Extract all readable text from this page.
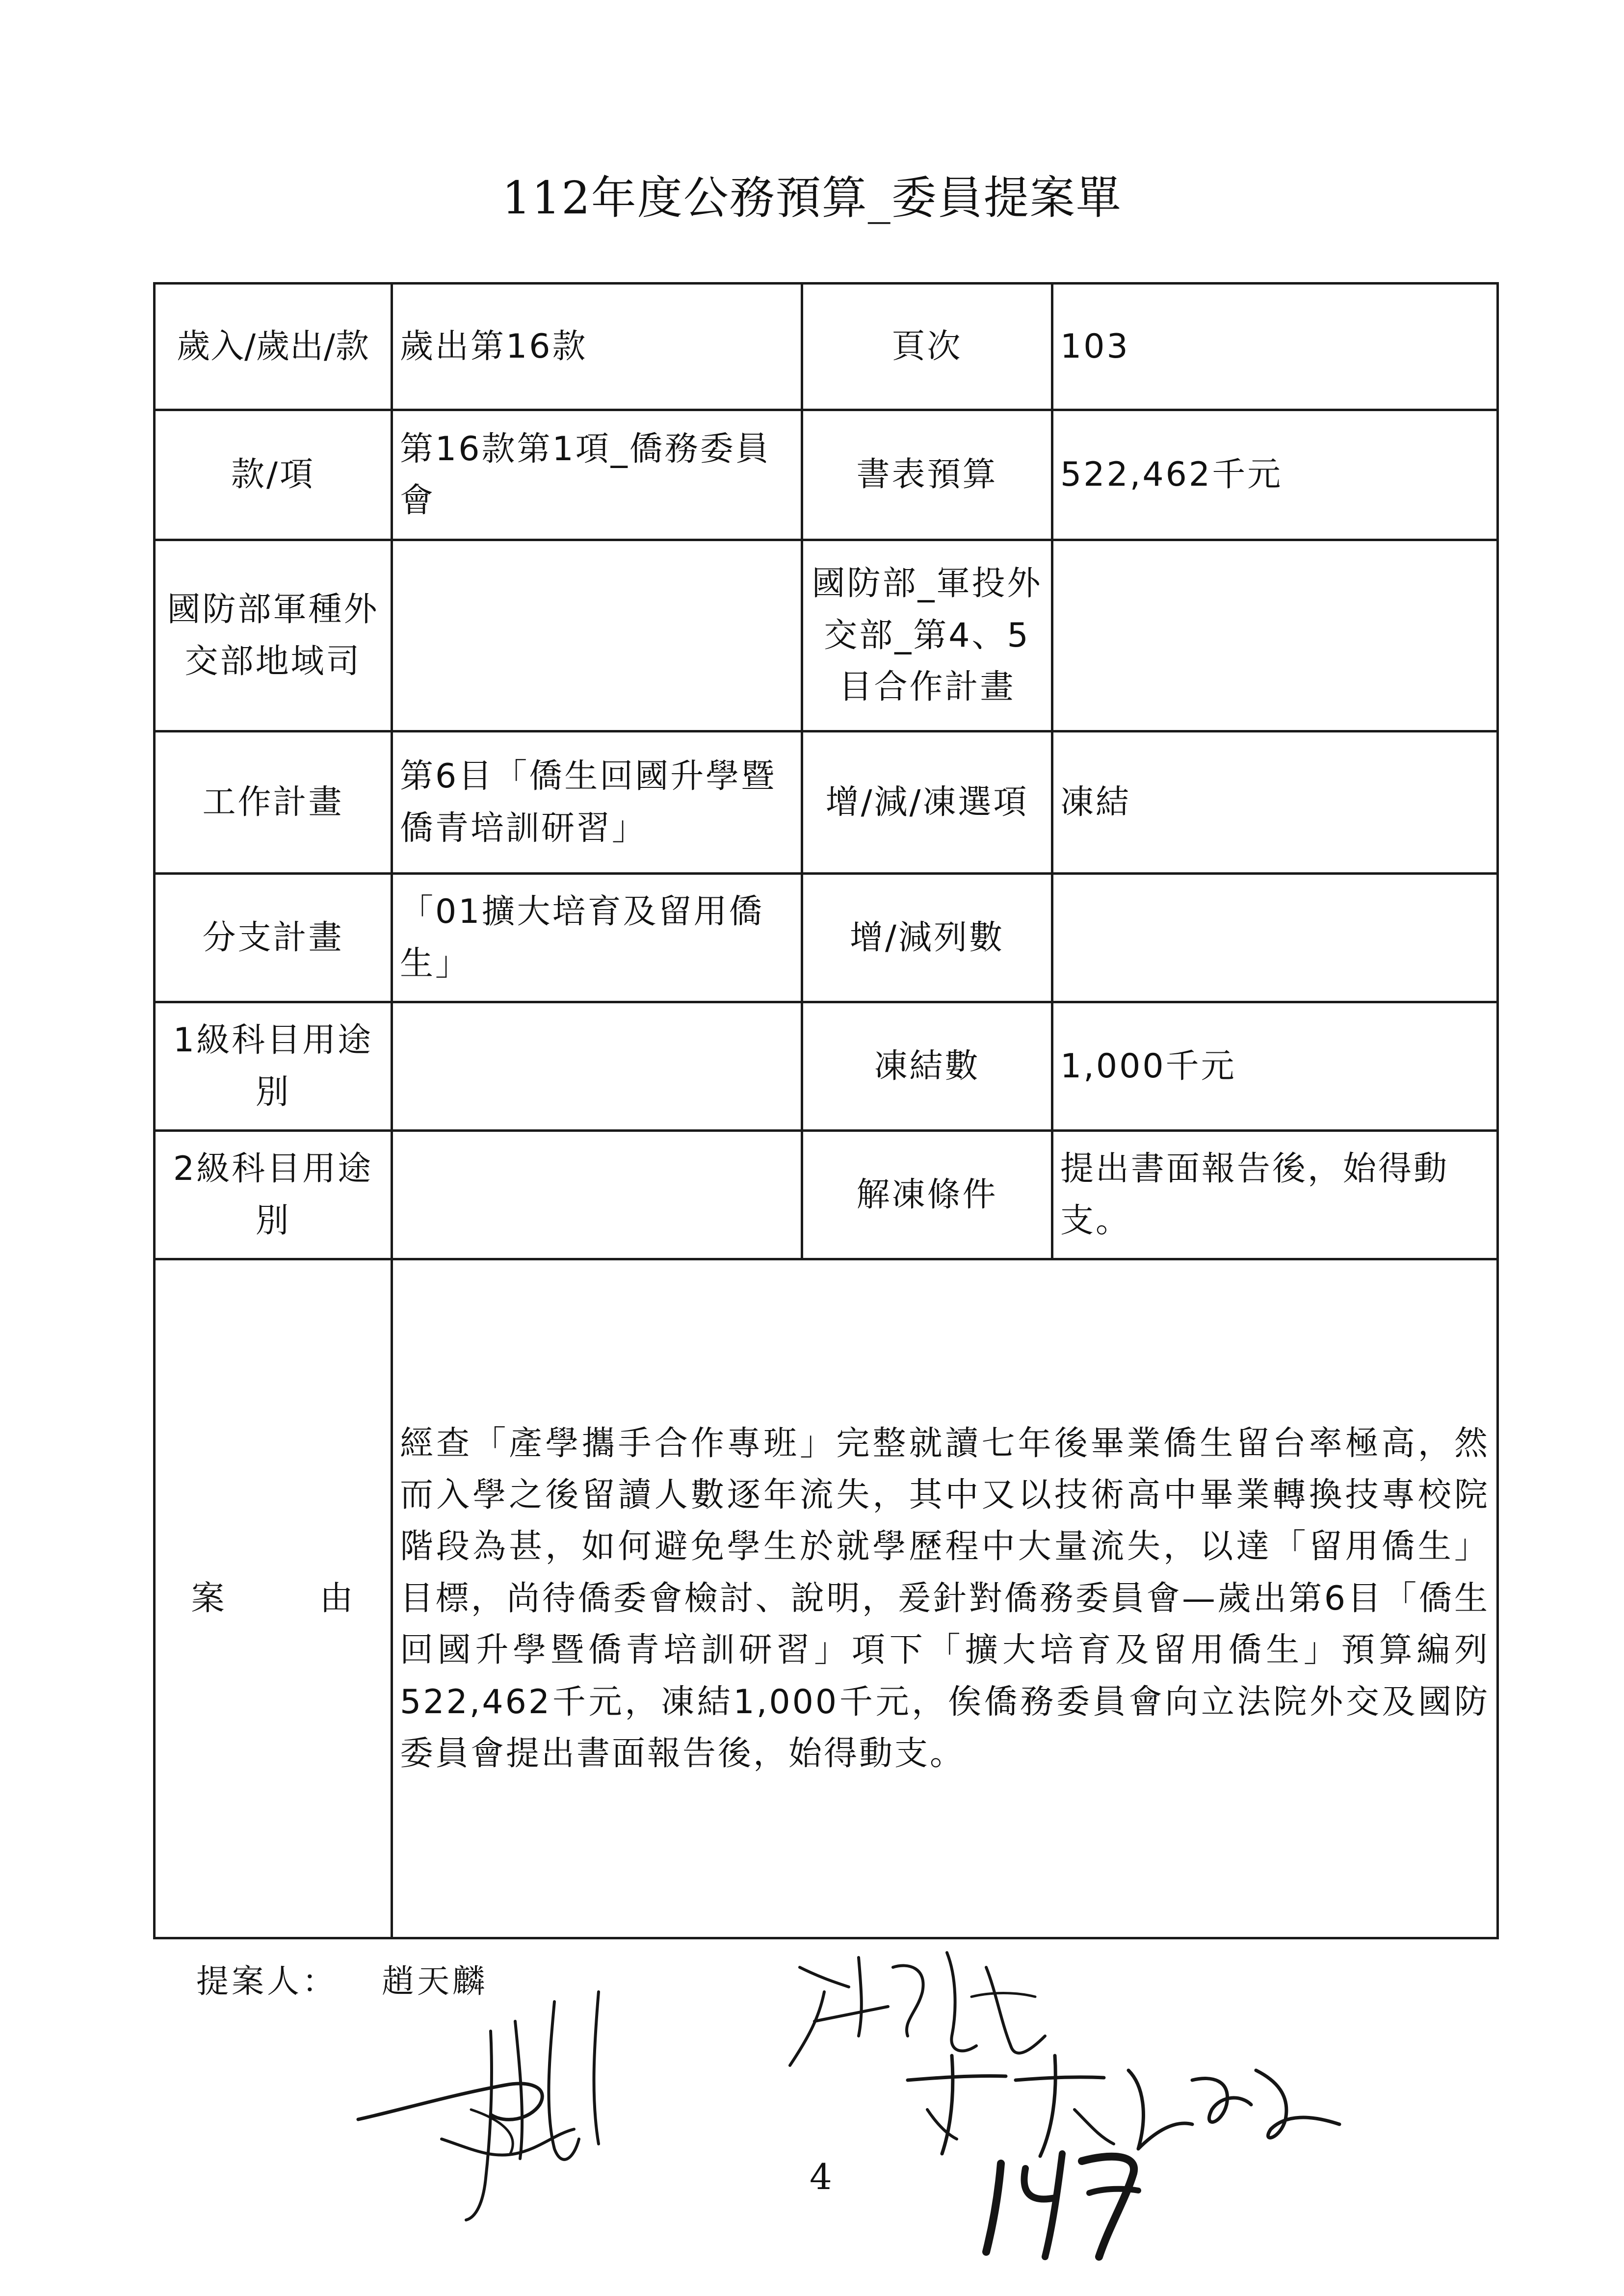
112年度公務預算_委員提案單
歲入/歲出/款	歲出第16款	頁次	103
款/項	第16款第1項_僑務委員會	書表預算	522,462千元
國防部軍種外交部地域司		國防部_軍投外交部_第4、5目合作計畫	
工作計畫	第6目「僑生回國升學暨僑青培訓研習」	增/減/凍選項	凍結
分支計畫	「01擴大培育及留用僑生」	增/減列數	
1級科目用途別		凍結數	1,000千元
2級科目用途別		解凍條件	提出書面報告後，始得動支。
案 由	經查「產學攜手合作專班」完整就讀七年後畢業僑生留台率極高，然而入學之後留讀人數逐年流失，其中又以技術高中畢業轉換技專校院階段為甚，如何避免學生於就學歷程中大量流失，以達「留用僑生」目標，尚待僑委會檢討、說明，爰針對僑務委員會—歲出第6目「僑生回國升學暨僑青培訓研習」項下「擴大培育及留用僑生」預算編列522,462千元，凍結1,000千元，俟僑務委員會向立法院外交及國防委員會提出書面報告後，始得動支。		
提案人： 趙天麟
4
